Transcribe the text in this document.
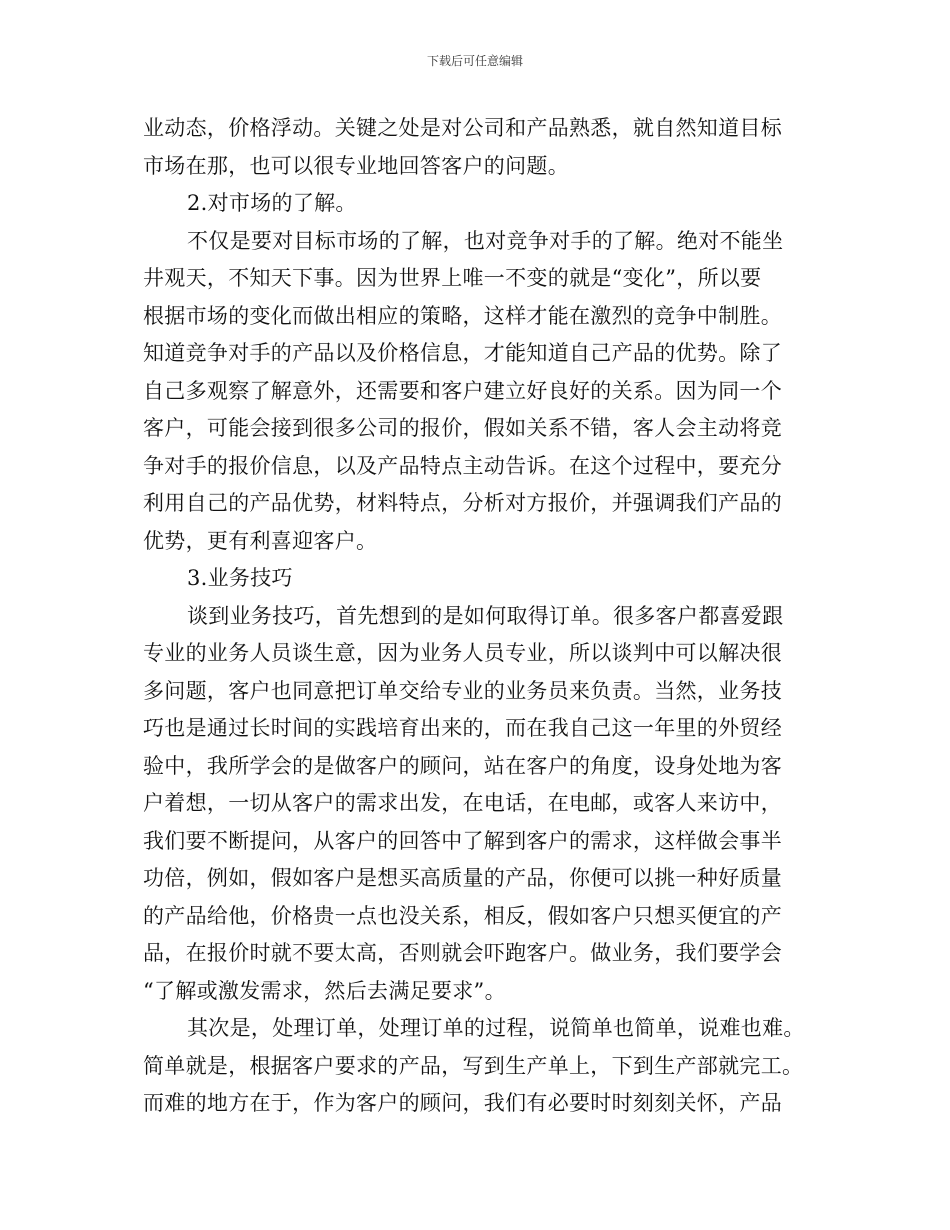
下载后可任意编辑
业动态，价格浮动。关键之处是对公司和产品熟悉，就自然知道目标
市场在那，也可以很专业地回答客户的问题。
2.对市场的了解。
不仅是要对目标市场的了解，也对竞争对手的了解。绝对不能坐
井观天，不知天下事。因为世界上唯一不变的就是“变化”，所以要
根据市场的变化而做出相应的策略，这样才能在激烈的竞争中制胜。
知道竞争对手的产品以及价格信息，才能知道自己产品的优势。除了
自己多观察了解意外，还需要和客户建立好良好的关系。因为同一个
客户，可能会接到很多公司的报价，假如关系不错，客人会主动将竞
争对手的报价信息，以及产品特点主动告诉。在这个过程中，要充分
利用自己的产品优势，材料特点，分析对方报价，并强调我们产品的
优势，更有利喜迎客户。
3.业务技巧
谈到业务技巧，首先想到的是如何取得订单。很多客户都喜爱跟
专业的业务人员谈生意，因为业务人员专业，所以谈判中可以解决很
多问题，客户也同意把订单交给专业的业务员来负责。当然，业务技
巧也是通过长时间的实践培育出来的，而在我自己这一年里的外贸经
验中，我所学会的是做客户的顾问，站在客户的角度，设身处地为客
户着想，一切从客户的需求出发，在电话，在电邮，或客人来访中，
我们要不断提问，从客户的回答中了解到客户的需求，这样做会事半
功倍，例如，假如客户是想买高质量的产品，你便可以挑一种好质量
的产品给他，价格贵一点也没关系，相反，假如客户只想买便宜的产
品，在报价时就不要太高，否则就会吓跑客户。做业务，我们要学会
“了解或激发需求，然后去满足要求”。
其次是，处理订单，处理订单的过程，说简单也简单，说难也难。
简单就是，根据客户要求的产品，写到生产单上，下到生产部就完工。
而难的地方在于，作为客户的顾问，我们有必要时时刻刻关怀，产品
